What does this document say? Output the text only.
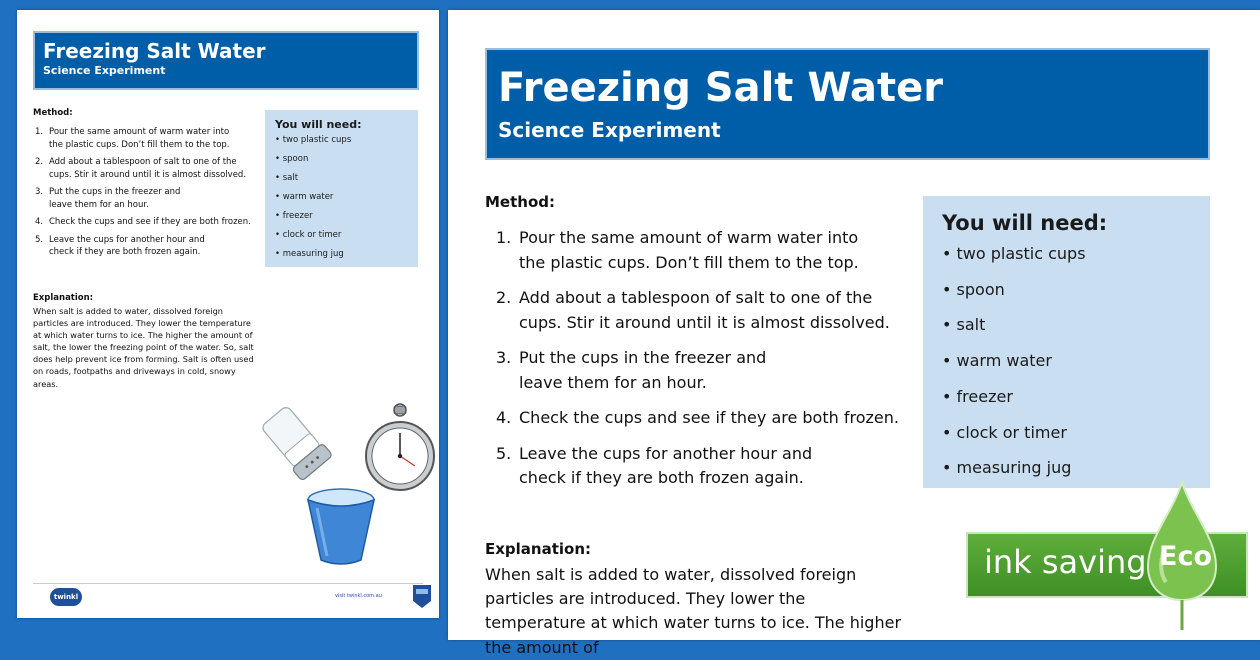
Freezing Salt Water
Science Experiment
Method:
1. Pour the same amount of warm water into
the plastic cups. Don’t fill them to the top.
2. Add about a tablespoon of salt to one of the
cups. Stir it around until it is almost dissolved.
3. Put the cups in the freezer and
leave them for an hour.
4. Check the cups and see if they are both frozen.
5. Leave the cups for another hour and
check if they are both frozen again.
You will need:
• two plastic cups
• spoon
• salt
• warm water
• freezer
• clock or timer
• measuring jug
Explanation:

When salt is added to water, dissolved foreign particles are introduced. They lower the temperature at which water turns to ice. The higher the amount of salt, the lower the freezing point of the water. So, salt does help prevent ice from forming. Salt is often used on roads, footpaths and driveways in cold, snowy areas.

twinkl	visit twinkl.com.au
Freezing Salt Water
Science Experiment
Method:
1. Pour the same amount of warm water into
the plastic cups. Don’t fill them to the top.
2. Add about a tablespoon of salt to one of the
cups. Stir it around until it is almost dissolved.
3. Put the cups in the freezer and
leave them for an hour.
4. Check the cups and see if they are both frozen.
5. Leave the cups for another hour and
check if they are both frozen again.
You will need:
• two plastic cups
• spoon
• salt
• warm water
• freezer
• clock or timer
• measuring jug
Explanation:

When salt is added to water, dissolved foreign particles are introduced. They lower the temperature at which water turns to ice. The higher the amount of

ink saving Eco
